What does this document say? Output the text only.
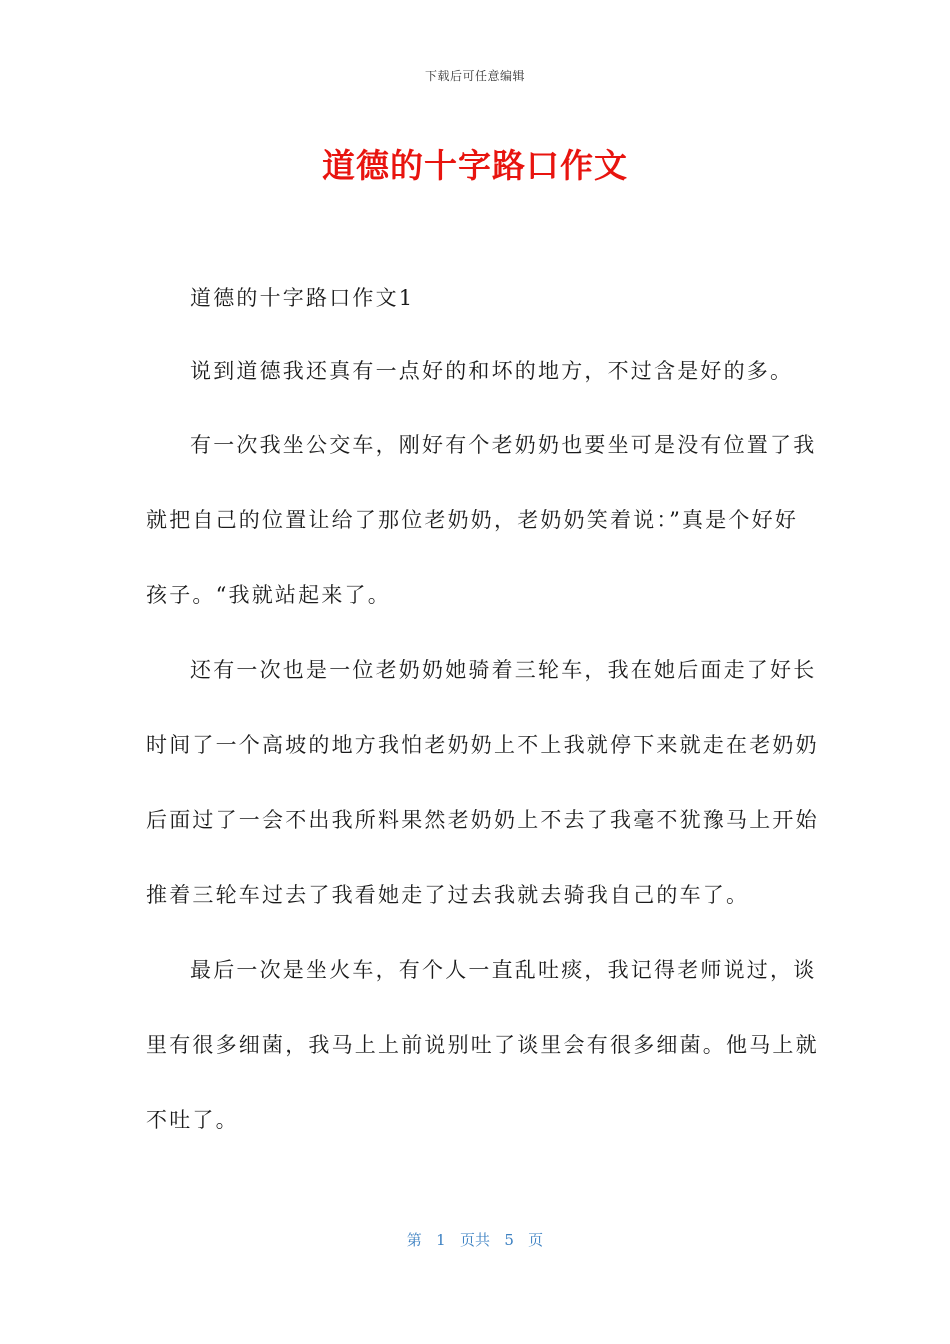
下载后可任意编辑
道德的十字路口作文
道德的十字路口作文1
说到道德我还真有一点好的和坏的地方，不过含是好的多。
有一次我坐公交车，刚好有个老奶奶也要坐可是没有位置了我
就把自己的位置让给了那位老奶奶，老奶奶笑着说：”真是个好好
孩子。“我就站起来了。
还有一次也是一位老奶奶她骑着三轮车，我在她后面走了好长
时间了一个高坡的地方我怕老奶奶上不上我就停下来就走在老奶奶
后面过了一会不出我所料果然老奶奶上不去了我毫不犹豫马上开始
推着三轮车过去了我看她走了过去我就去骑我自己的车了。
最后一次是坐火车，有个人一直乱吐痰，我记得老师说过，谈
里有很多细菌，我马上上前说别吐了谈里会有很多细菌。他马上就
不吐了。
第 1 页共 5 页
